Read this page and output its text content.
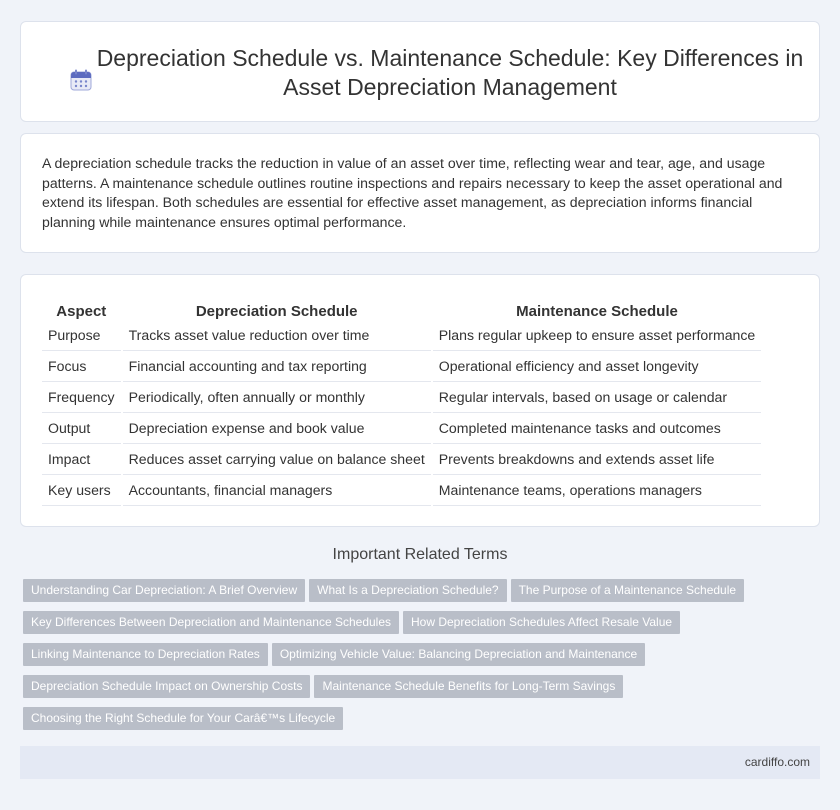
Depreciation Schedule vs. Maintenance Schedule: Key Differences in Asset Depreciation Management

A depreciation schedule tracks the reduction in value of an asset over time, reflecting wear and tear, age, and usage patterns. A maintenance schedule outlines routine inspections and repairs necessary to keep the asset operational and extend its lifespan. Both schedules are essential for effective asset management, as depreciation informs financial planning while maintenance ensures optimal performance.

Aspect		Depreciation Schedule		Maintenance Schedule
Purpose		Tracks asset value reduction over time		Plans regular upkeep to ensure asset performance
Focus		Financial accounting and tax reporting		Operational efficiency and asset longevity
Frequency		Periodically, often annually or monthly		Regular intervals, based on usage or calendar
Output		Depreciation expense and book value		Completed maintenance tasks and outcomes
Impact		Reduces asset carrying value on balance sheet		Prevents breakdowns and extends asset life
Key users		Accountants, financial managers		Maintenance teams, operations managers
Important Related Terms
Understanding Car Depreciation: A Brief Overview What Is a Depreciation Schedule? The Purpose of a Maintenance Schedule
Key Differences Between Depreciation and Maintenance Schedules How Depreciation Schedules Affect Resale Value
Linking Maintenance to Depreciation Rates Optimizing Vehicle Value: Balancing Depreciation and Maintenance
Depreciation Schedule Impact on Ownership Costs Maintenance Schedule Benefits for Long-Term Savings
Choosing the Right Schedule for Your Carâ€™s Lifecycle
cardiffo.com
